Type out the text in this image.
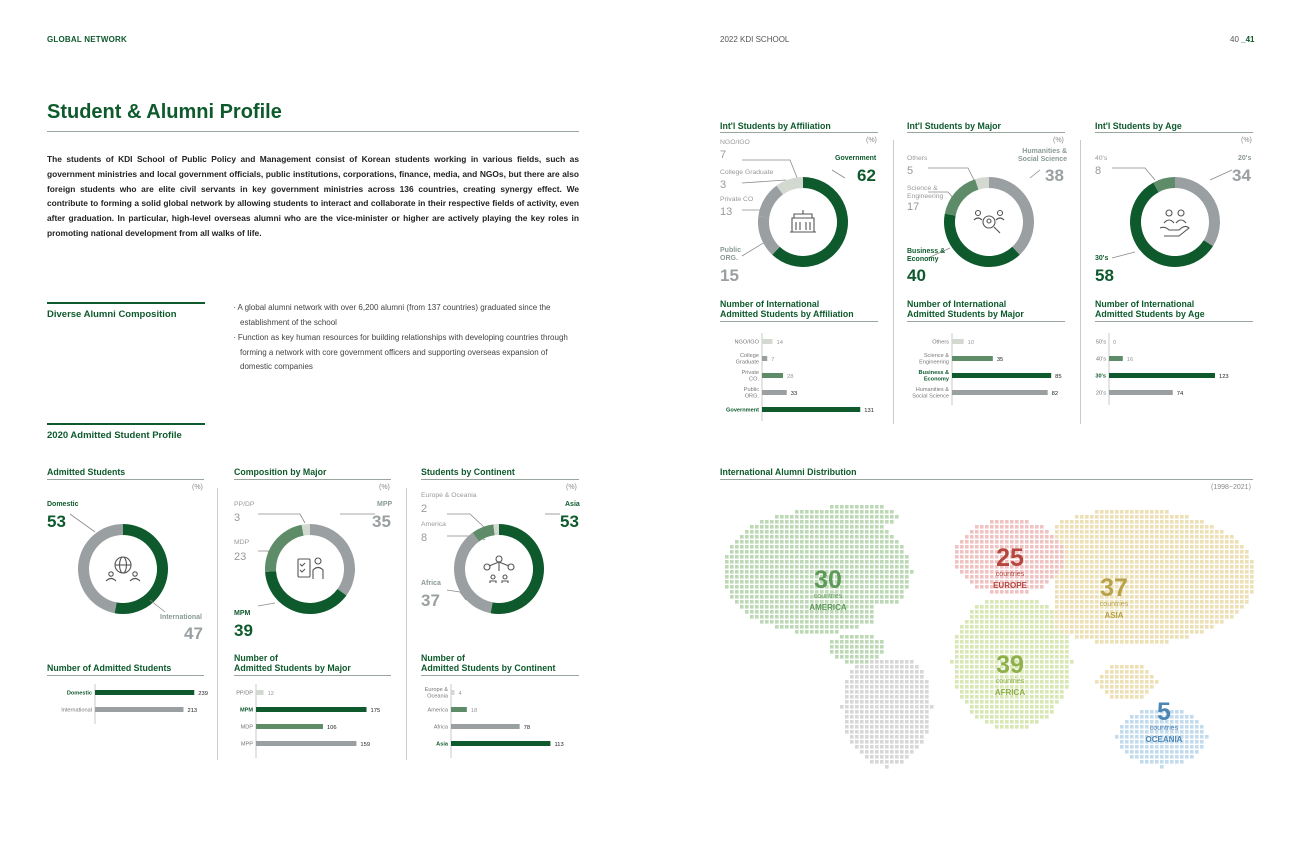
GLOBAL NETWORK	2022 KDI SCHOOL	40 _41
Student & Alumni Profile
The students of KDI School of Public Policy and Management consist of Korean students working in various fields, such as government ministries and local government officials, public institutions, corporations, finance, media, and NGOs, but there are also foreign students who are elite civil servants in key government ministries across 136 countries, creating synergy effect. We contribute to forming a solid global network by allowing students to interact and collaborate in their respective fields of activity, even after graduation. In particular, high-level overseas alumni who are the vice-minister or higher are actively playing the key roles in promoting national development from all walks of life.
Diverse Alumni Composition
· A global alumni network with over 6,200 alumni (from 137 countries) graduated since the establishment of the school
· Function as key human resources for building relationships with developing countries through forming a network with core government officers and supporting overseas expansion of domestic companies
2020 Admitted Student Profile
Admitted Students	Composition by Major	Students by Continent
(%)	(%)	(%)
Domestic
53
International
47
PP/DP
3
MDP
23
MPP
35
MPM
39
Europe & Oceania
2
America
8
Asia
53
Africa
37
Number of Admitted Students
Number of
Admitted Students by Major
Number of
Admitted Students by Continent
Domestic	239
International	213
PP/DP	12
MPM	175
MDP	106
MPP	159
Europe &
Oceania 4
America	18
Africa	78
Asia	113
Int'l Students by Affiliation	Int'l Students by Major	Int'l Students by Age
(%)	(%)	(%)
NGO/IGO
7
College Graduate
3
Private CO
13
Public
ORG.
15
Government
62
Others
5
Science &
Engineering
17
Humanities &
Social Science
38
Business &
Economy
40
40's
8
20's
34
30's
58
Number of International
Admitted Students by Affiliation
Number of International
Admitted Students by Major
Number of International
Admitted Students by Age
NGO/IGO	14
College
Graduate 7
Private
CO.	28
Public
ORG.	33
Government	131
Others	10
Science &
Engineering	35
Business &
Economy	85
Humanities &
Social Science	82
50's 0
40's	16
30's	123
20's	74
International Alumni Distribution
(1998~2021)
30
countries
AMERICA
25
countries
EUROPE	37
countries
ASIA
39
countries
AFRICA
5
countries
OCEANIA
